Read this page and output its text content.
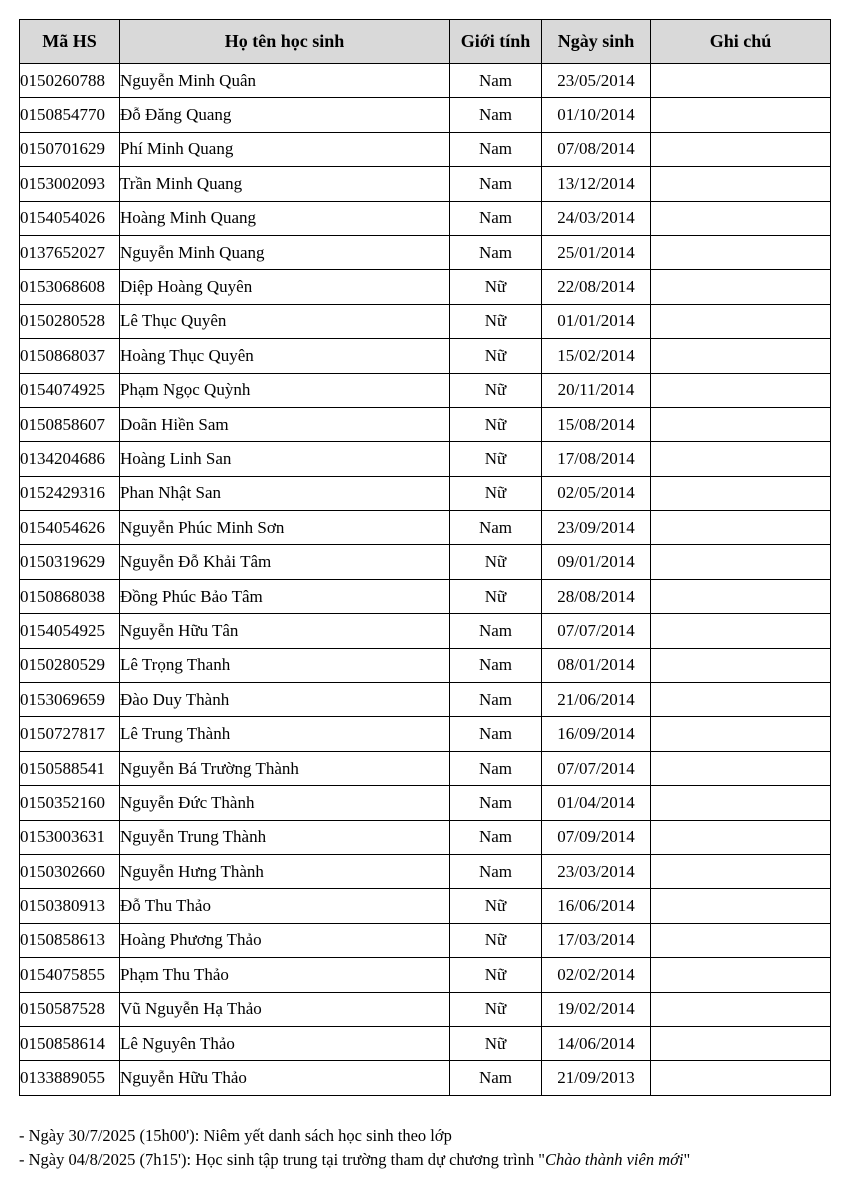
Mã HS	Họ tên học sinh	Giới tính	Ngày sinh	Ghi chú
0150260788	Nguyễn Minh Quân	Nam	23/05/2014	
0150854770	Đỗ Đăng Quang	Nam	01/10/2014	
0150701629	Phí Minh Quang	Nam	07/08/2014	
0153002093	Trần Minh Quang	Nam	13/12/2014	
0154054026	Hoàng Minh Quang	Nam	24/03/2014	
0137652027	Nguyễn Minh Quang	Nam	25/01/2014	
0153068608	Diệp Hoàng Quyên	Nữ	22/08/2014	
0150280528	Lê Thục Quyên	Nữ	01/01/2014	
0150868037	Hoàng Thục Quyên	Nữ	15/02/2014	
0154074925	Phạm Ngọc Quỳnh	Nữ	20/11/2014	
0150858607	Doãn Hiền Sam	Nữ	15/08/2014	
0134204686	Hoàng Linh San	Nữ	17/08/2014	
0152429316	Phan Nhật San	Nữ	02/05/2014	
0154054626	Nguyễn Phúc Minh Sơn	Nam	23/09/2014	
0150319629	Nguyễn Đỗ Khải Tâm	Nữ	09/01/2014	
0150868038	Đồng Phúc Bảo Tâm	Nữ	28/08/2014	
0154054925	Nguyễn Hữu Tân	Nam	07/07/2014	
0150280529	Lê Trọng Thanh	Nam	08/01/2014	
0153069659	Đào Duy Thành	Nam	21/06/2014	
0150727817	Lê Trung Thành	Nam	16/09/2014	
0150588541	Nguyễn Bá Trường Thành	Nam	07/07/2014	
0150352160	Nguyễn Đức Thành	Nam	01/04/2014	
0153003631	Nguyễn Trung Thành	Nam	07/09/2014	
0150302660	Nguyễn Hưng Thành	Nam	23/03/2014	
0150380913	Đỗ Thu Thảo	Nữ	16/06/2014	
0150858613	Hoàng Phương Thảo	Nữ	17/03/2014	
0154075855	Phạm Thu Thảo	Nữ	02/02/2014	
0150587528	Vũ Nguyễn Hạ Thảo	Nữ	19/02/2014	
0150858614	Lê Nguyên Thảo	Nữ	14/06/2014	
0133889055	Nguyễn Hữu Thảo	Nam	21/09/2013	
- Ngày 30/7/2025 (15h00'): Niêm yết danh sách học sinh theo lớp
- Ngày 04/8/2025 (7h15'): Học sinh tập trung tại trường tham dự chương trình "Chào thành viên mới"
